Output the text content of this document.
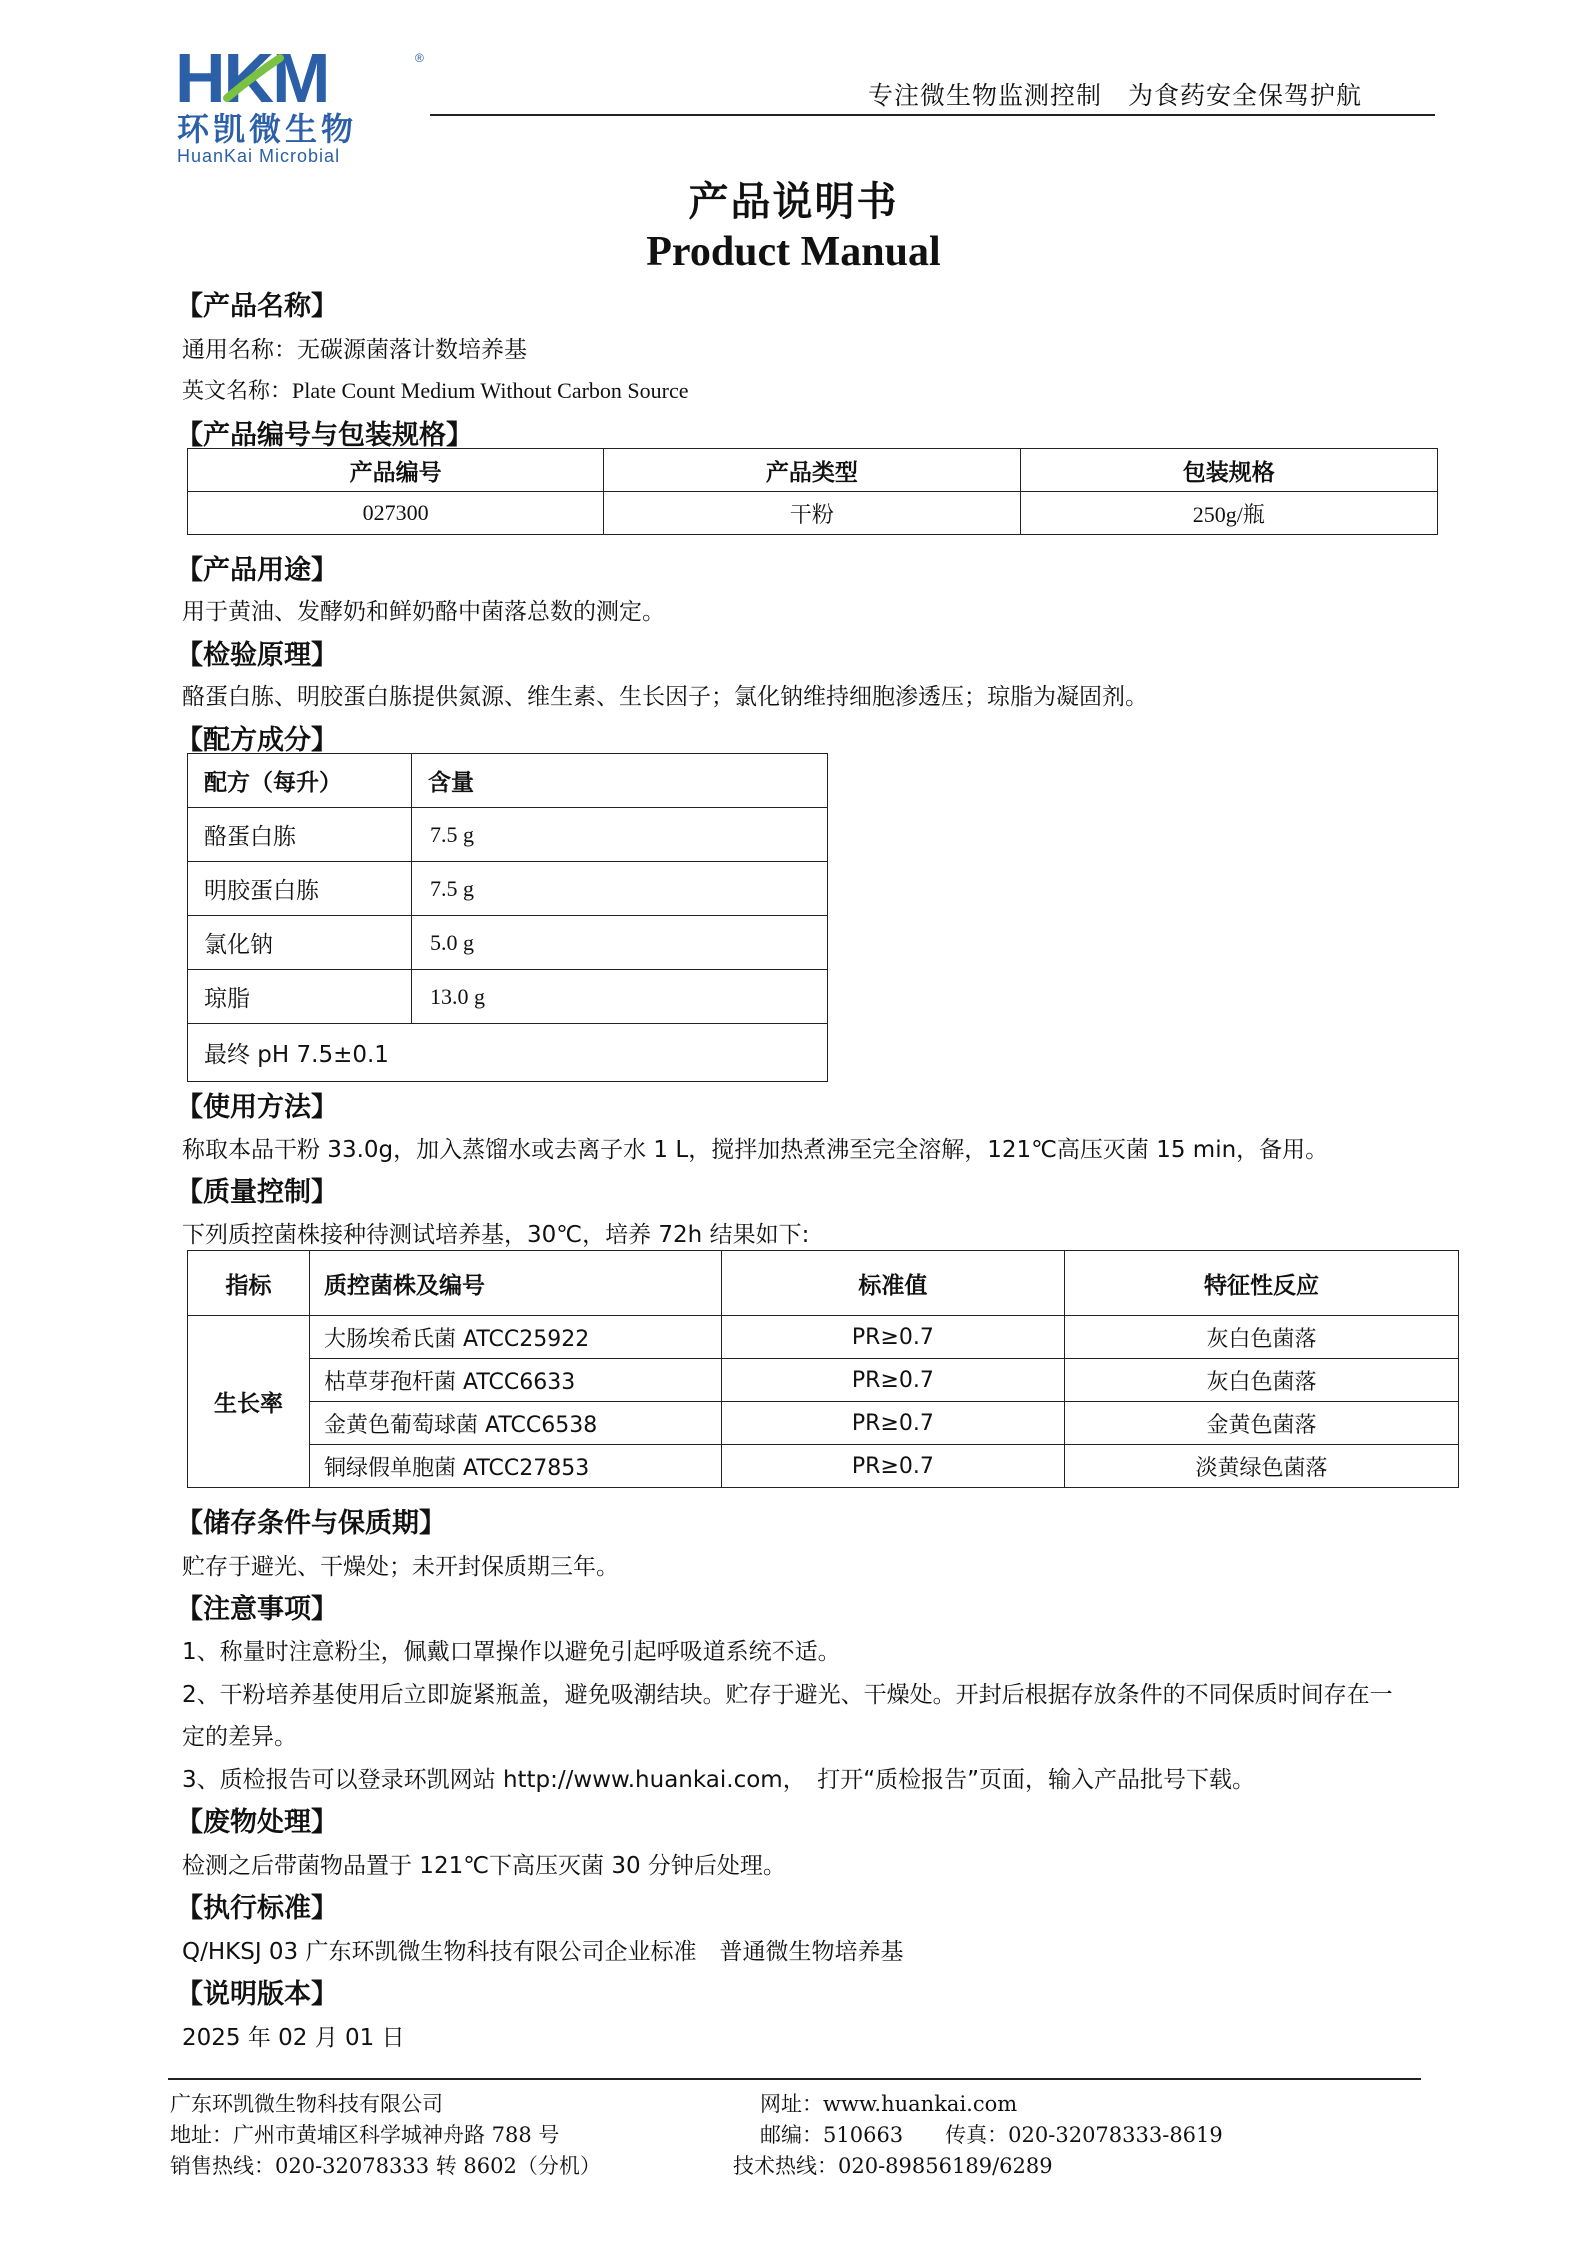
HKM	®
环凯微生物
HuanKai Microbial
专注微生物监测控制　为食药安全保驾护航
产品说明书
Product Manual
【产品名称】
通用名称：无碳源菌落计数培养基
英文名称：Plate Count Medium Without Carbon Source
【产品编号与包装规格】
产品编号	产品类型	包装规格
027300	干粉	250g/瓶
【产品用途】
用于黄油、发酵奶和鲜奶酪中菌落总数的测定。
【检验原理】
酪蛋白胨、明胶蛋白胨提供氮源、维生素、生长因子；氯化钠维持细胞渗透压；琼脂为凝固剂。
【配方成分】
配方（每升）	含量
酪蛋白胨	7.5 g
明胶蛋白胨	7.5 g
氯化钠	5.0 g
琼脂	13.0 g
最终 pH 7.5±0.1	
【使用方法】
称取本品干粉 33.0g，加入蒸馏水或去离子水 1 L，搅拌加热煮沸至完全溶解，121℃高压灭菌 15 min，备用。
【质量控制】
下列质控菌株接种待测试培养基，30℃，培养 72h 结果如下:
指标	质控菌株及编号	标准值	特征性反应
生长率	大肠埃希氏菌 ATCC25922	PR≥0.7	灰白色菌落
	枯草芽孢杆菌 ATCC6633	PR≥0.7	灰白色菌落
	金黄色葡萄球菌 ATCC6538	PR≥0.7	金黄色菌落
	铜绿假单胞菌 ATCC27853	PR≥0.7	淡黄绿色菌落
【储存条件与保质期】
贮存于避光、干燥处；未开封保质期三年。
【注意事项】
1、称量时注意粉尘，佩戴口罩操作以避免引起呼吸道系统不适。
2、干粉培养基使用后立即旋紧瓶盖，避免吸潮结块。贮存于避光、干燥处。开封后根据存放条件的不同保质时间存在一
定的差异。
3、质检报告可以登录环凯网站 http://www.huankai.com，　打开“质检报告”页面，输入产品批号下载。
【废物处理】
检测之后带菌物品置于 121℃下高压灭菌 30 分钟后处理。
【执行标准】
Q/HKSJ 03 广东环凯微生物科技有限公司企业标准　普通微生物培养基
【说明版本】
2025 年 02 月 01 日
广东环凯微生物科技有限公司
地址：广州市黄埔区科学城神舟路 788 号
销售热线：020-32078333 转 8602（分机）
网址：www.huankai.com
邮编：510663　　传真：020-32078333-8619
技术热线：020-89856189/6289
